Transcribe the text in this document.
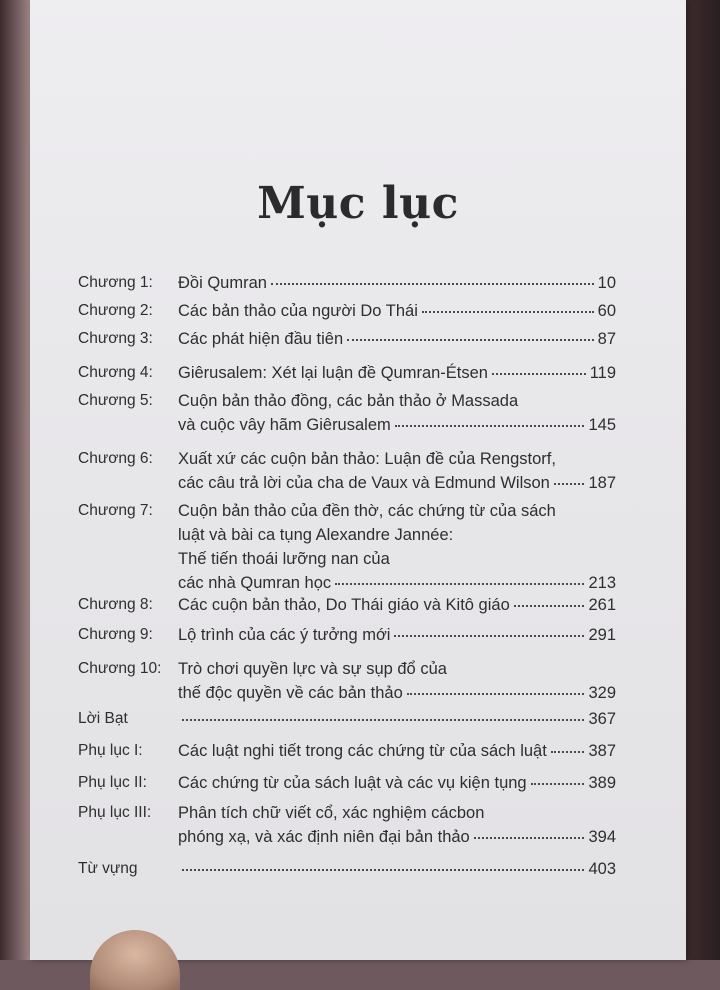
Mục lục
Chương 1: Đồi Qumran	10
Chương 2: Các bản thảo của người Do Thái	60
Chương 3: Các phát hiện đầu tiên	87
Chương 4: Giêrusalem: Xét lại luận đề Qumran-Étsen	119
Chương 5: Cuộn bản thảo đồng, các bản thảo ở Massada
và cuộc vây hãm Giêrusalem	145
Chương 6: Xuất xứ các cuộn bản thảo: Luận đề của Rengstorf,
các câu trả lời của cha de Vaux và Edmund Wilson 187
Chương 7: Cuộn bản thảo của đền thờ, các chứng từ của sách
luật và bài ca tụng Alexandre Jannée:
Thế tiến thoái lưỡng nan của
các nhà Qumran học	213
Chương 8: Các cuộn bản thảo, Do Thái giáo và Kitô giáo	261
Chương 9: Lộ trình của các ý tưởng mới	291
Chương 10: Trò chơi quyền lực và sự sụp đổ của
thế độc quyền về các bản thảo	329
Lời Bạt	367
Phụ lục I: Các luật nghi tiết trong các chứng từ của sách luật	387
Phụ lục II: Các chứng từ của sách luật và các vụ kiện tụng	389
Phụ lục III: Phân tích chữ viết cổ, xác nghiệm cácbon
phóng xạ, và xác định niên đại bản thảo	394
Từ vựng	403
